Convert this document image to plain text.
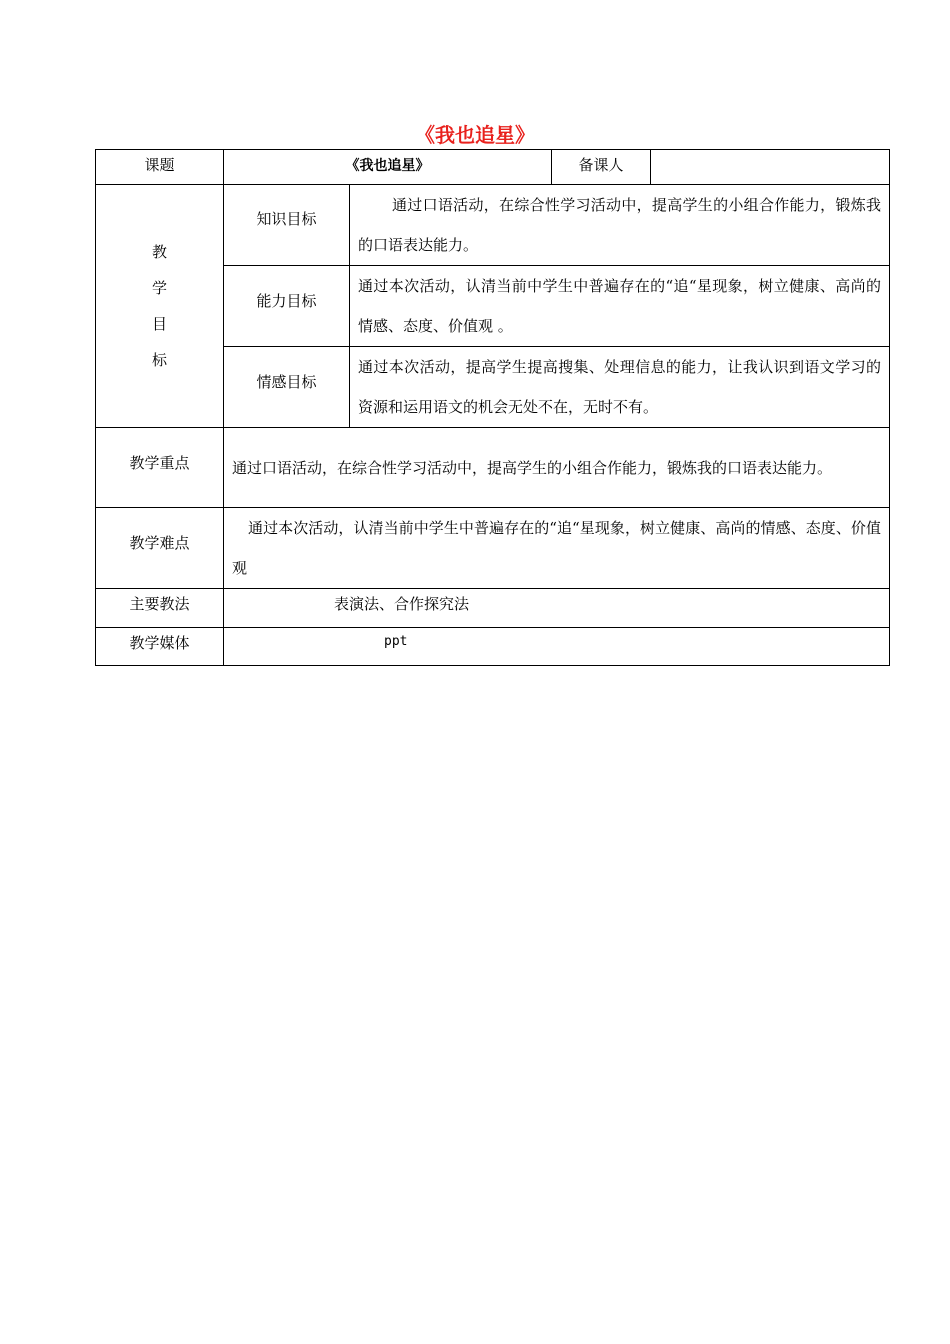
《我也追星》
课题	《我也追星》		备课人	

教
学
目
标	知识目标	通过口语活动，在综合性学习活动中，提高学生的小组合作能力，锻炼我的口语表达能力。		
	能力目标	通过本次活动，认清当前中学生中普遍存在的“追“星现象，树立健康、高尚的情感、态度、价值观 。		
	情感目标	通过本次活动，提高学生提高搜集、处理信息的能力，让我认识到语文学习的资源和运用语文的机会无处不在，无时不有。		
教学重点	通过口语活动，在综合性学习活动中，提高学生的小组合作能力，锻炼我的口语表达能力。			
教学难点	通过本次活动，认清当前中学生中普遍存在的“追“星现象，树立健康、高尚的情感、态度、价值观			
主要教法	表演法、合作探究法			
教学媒体	ppt			
